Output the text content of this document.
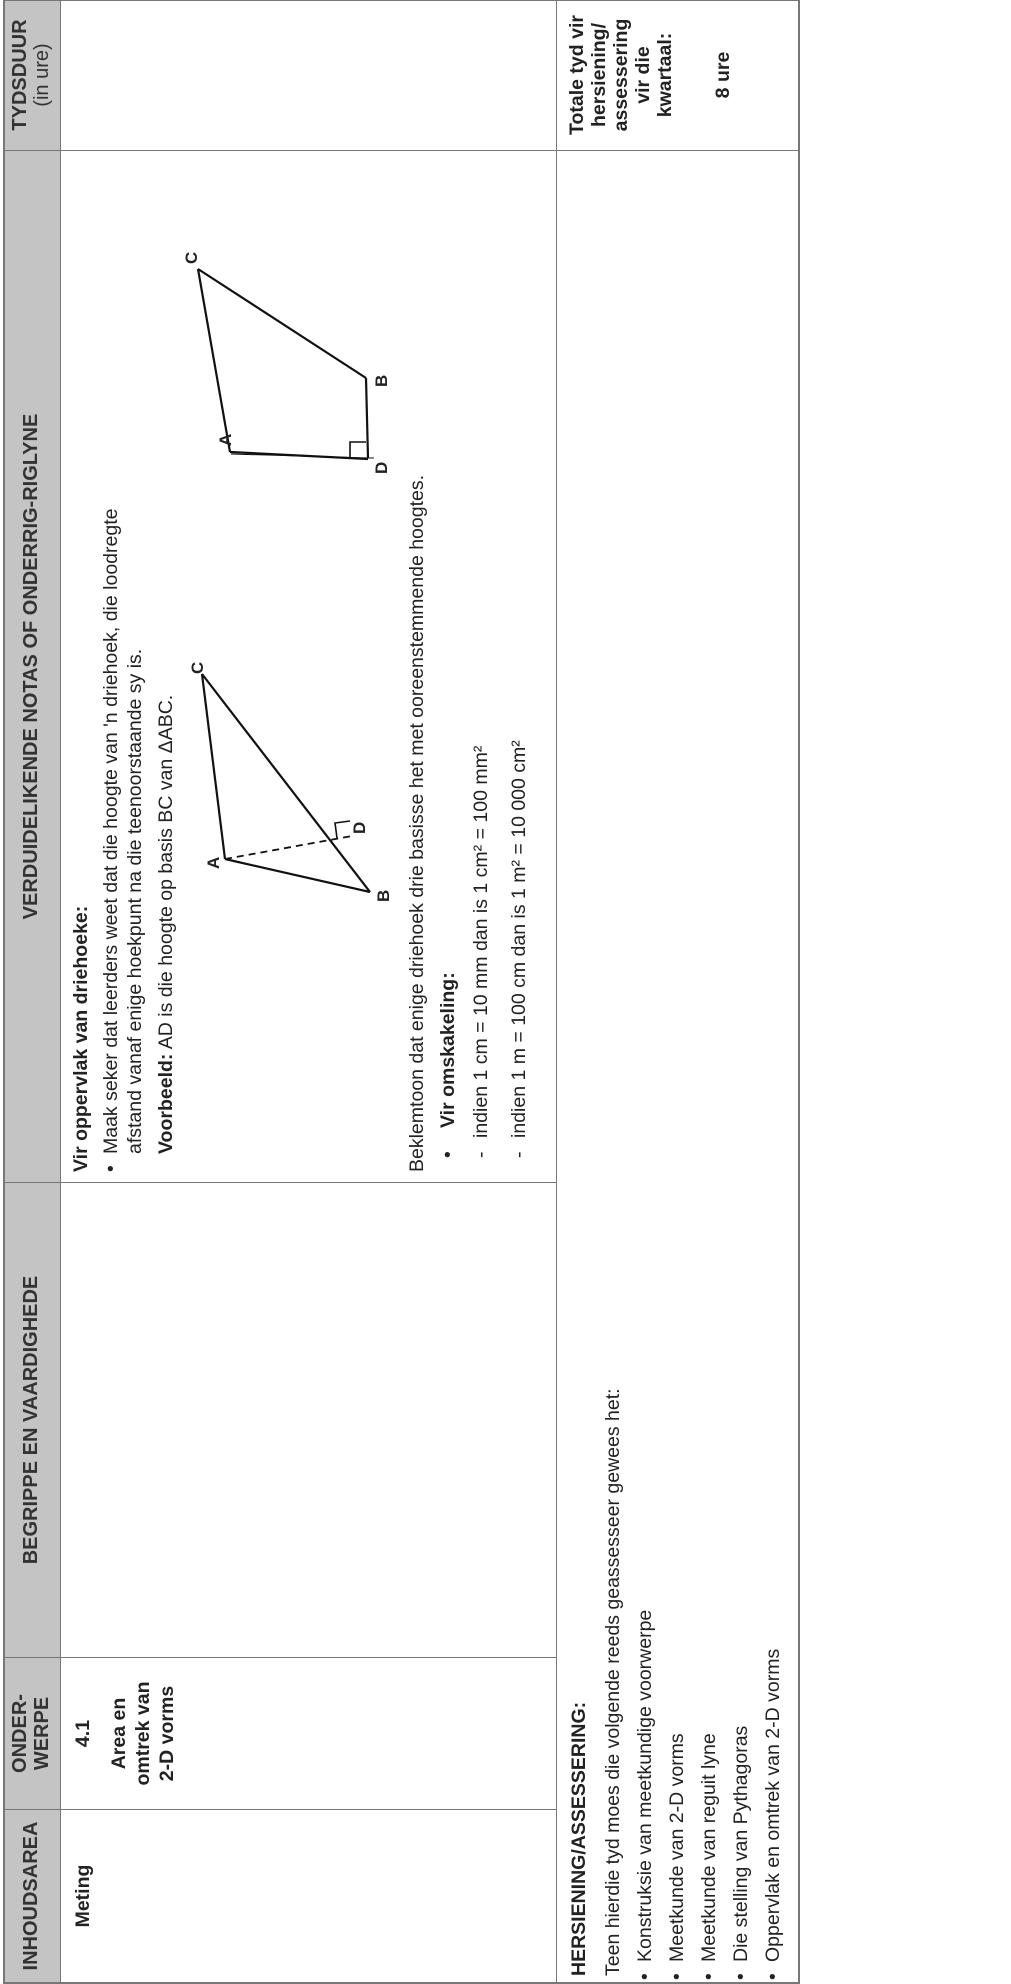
INHOUDSAREA
ONDER- WERPE
BEGRIPPE EN VAARDIGHEDE
VERDUIDELIKENDE NOTAS OF ONDERRIG-RIGLYNE
TYDSDUUR (in ure)
Meting
4.1 Area en omtrek van 2-D vorms
Vir oppervlak van driehoeke: •
Maak seker dat leerders weet dat die hoogte van 'n driehoek, die loodregte afstand vanaf enige hoekpunt na die teenoorstaande sy is. Voorbeeld: AD is die hoogte op basis BC van ΔABC.	B
A
C
D
D
A
B
C
Beklemtoon dat enige driehoek drie basisse het met ooreenstemmende hoogtes. •
Vir omskakeling:
-
indien 1 cm = 10 mm dan is 1 cm² = 100 mm²
-
indien 1 m = 100 cm dan is 1 m² = 10 000 cm²
HERSIENING/ASSESSERING: Teen hierdie tyd moes die volgende reeds geassesseer gewees het: • Konstruksie van meetkundige voorwerpe • Meetkunde van 2-D vorms • Meetkunde van reguit lyne • Die stelling van Pythagoras • Oppervlak en omtrek van 2-D vorms
Totale tyd vir hersiening/ assessering vir die kwartaal: 8 ure
